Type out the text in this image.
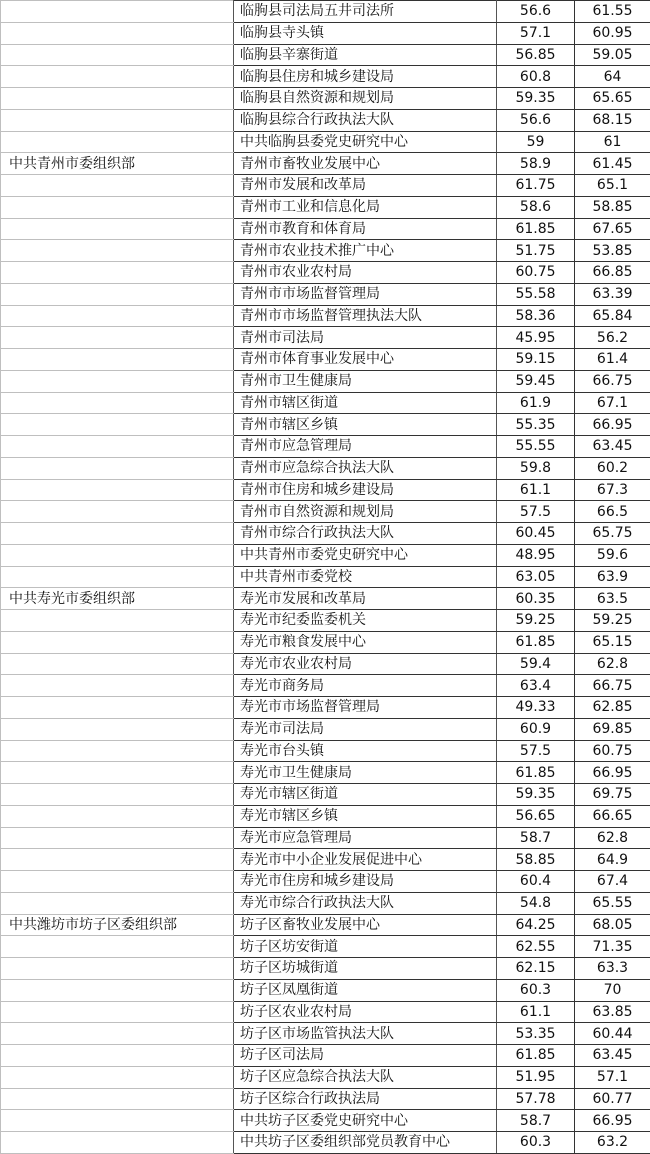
	临朐县司法局五井司法所	56.6	61.55
	临朐县寺头镇	57.1	60.95
	临朐县辛寨街道	56.85	59.05
	临朐县住房和城乡建设局	60.8	64
	临朐县自然资源和规划局	59.35	65.65
	临朐县综合行政执法大队	56.6	68.15
	中共临朐县委党史研究中心	59	61
中共青州市委组织部	青州市畜牧业发展中心	58.9	61.45
	青州市发展和改革局	61.75	65.1
	青州市工业和信息化局	58.6	58.85
	青州市教育和体育局	61.85	67.65
	青州市农业技术推广中心	51.75	53.85
	青州市农业农村局	60.75	66.85
	青州市市场监督管理局	55.58	63.39
	青州市市场监督管理执法大队	58.36	65.84
	青州市司法局	45.95	56.2
	青州市体育事业发展中心	59.15	61.4
	青州市卫生健康局	59.45	66.75
	青州市辖区街道	61.9	67.1
	青州市辖区乡镇	55.35	66.95
	青州市应急管理局	55.55	63.45
	青州市应急综合执法大队	59.8	60.2
	青州市住房和城乡建设局	61.1	67.3
	青州市自然资源和规划局	57.5	66.5
	青州市综合行政执法大队	60.45	65.75
	中共青州市委党史研究中心	48.95	59.6
	中共青州市委党校	63.05	63.9
中共寿光市委组织部	寿光市发展和改革局	60.35	63.5
	寿光市纪委监委机关	59.25	59.25
	寿光市粮食发展中心	61.85	65.15
	寿光市农业农村局	59.4	62.8
	寿光市商务局	63.4	66.75
	寿光市市场监督管理局	49.33	62.85
	寿光市司法局	60.9	69.85
	寿光市台头镇	57.5	60.75
	寿光市卫生健康局	61.85	66.95
	寿光市辖区街道	59.35	69.75
	寿光市辖区乡镇	56.65	66.65
	寿光市应急管理局	58.7	62.8
	寿光市中小企业发展促进中心	58.85	64.9
	寿光市住房和城乡建设局	60.4	67.4
	寿光市综合行政执法大队	54.8	65.55
中共潍坊市坊子区委组织部	坊子区畜牧业发展中心	64.25	68.05
	坊子区坊安街道	62.55	71.35
	坊子区坊城街道	62.15	63.3
	坊子区凤凰街道	60.3	70
	坊子区农业农村局	61.1	63.85
	坊子区市场监管执法大队	53.35	60.44
	坊子区司法局	61.85	63.45
	坊子区应急综合执法大队	51.95	57.1
	坊子区综合行政执法局	57.78	60.77
	中共坊子区委党史研究中心	58.7	66.95
	中共坊子区委组织部党员教育中心	60.3	63.2
